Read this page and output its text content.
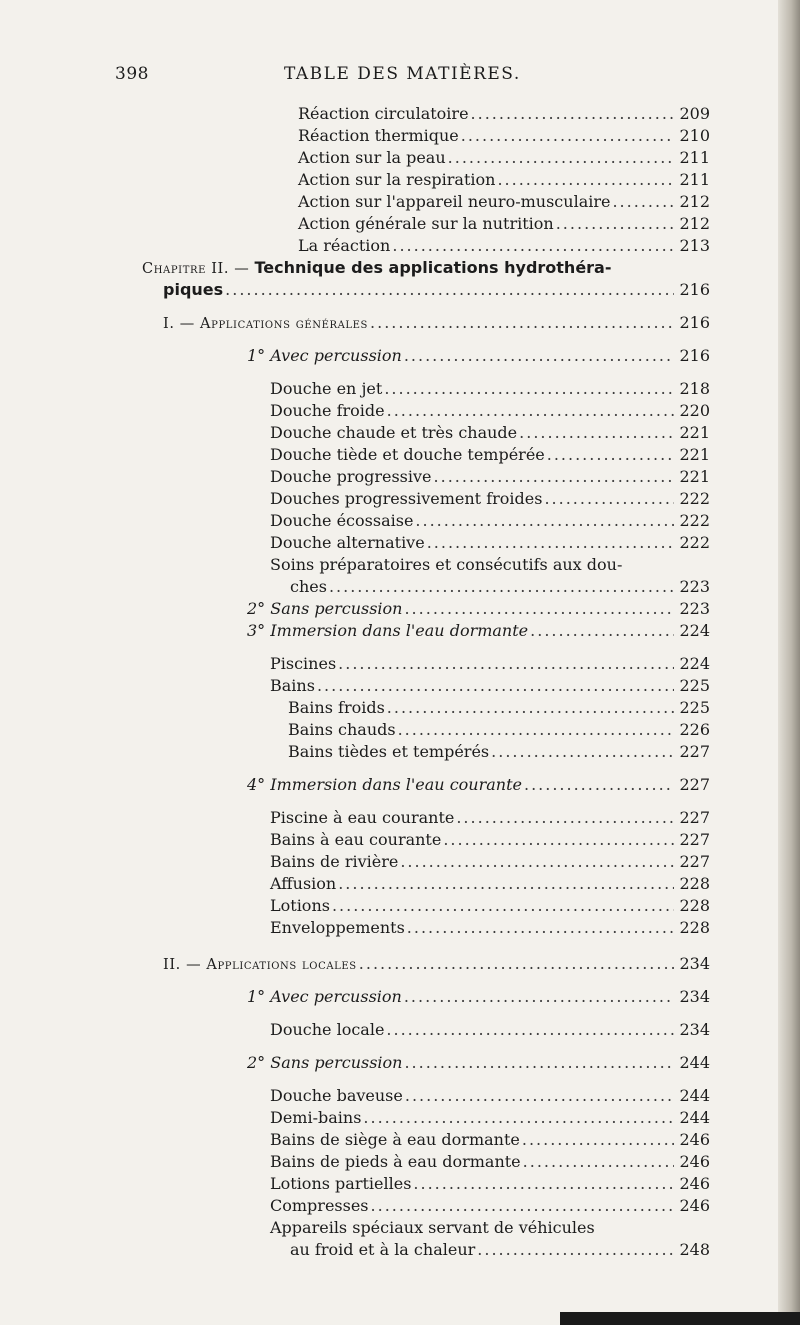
398	TABLE DES MATIÈRES.
Réaction circulatoire .....	209
Réaction thermique .....	210
Action sur la peau .....	211
Action sur la respiration .....	211
Action sur l'appareil neuro-musculaire .....	212
Action générale sur la nutrition .....	212
La réaction .....	213
Chapitre II. — Technique des applications hydrothéra-
piques .....	216
I. — Applications générales .....	216
1° Avec percussion .....	216
Douche en jet .....	218
Douche froide .....	220
Douche chaude et très chaude .....	221
Douche tiède et douche tempérée .....	221
Douche progressive .....	221
Douches progressivement froides .....	222
Douche écossaise .....	222
Douche alternative .....	222
Soins préparatoires et consécutifs aux dou-
ches .....	223
2° Sans percussion .....	223
3° Immersion dans l'eau dormante .....	224
Piscines .....	224
Bains .....	225
Bains froids .....	225
Bains chauds .....	226
Bains tièdes et tempérés .....	227
4° Immersion dans l'eau courante .....	227
Piscine à eau courante .....	227
Bains à eau courante .....	227
Bains de rivière .....	227
Affusion .....	228
Lotions .....	228
Enveloppements .....	228
II. — Applications locales .....	234
1° Avec percussion .....	234
Douche locale .....	234
2° Sans percussion .....	244
Douche baveuse .....	244
Demi-bains .....	244
Bains de siège à eau dormante .....	246
Bains de pieds à eau dormante .....	246
Lotions partielles .....	246
Compresses .....	246
Appareils spéciaux servant de véhicules
au froid et à la chaleur .....	248
